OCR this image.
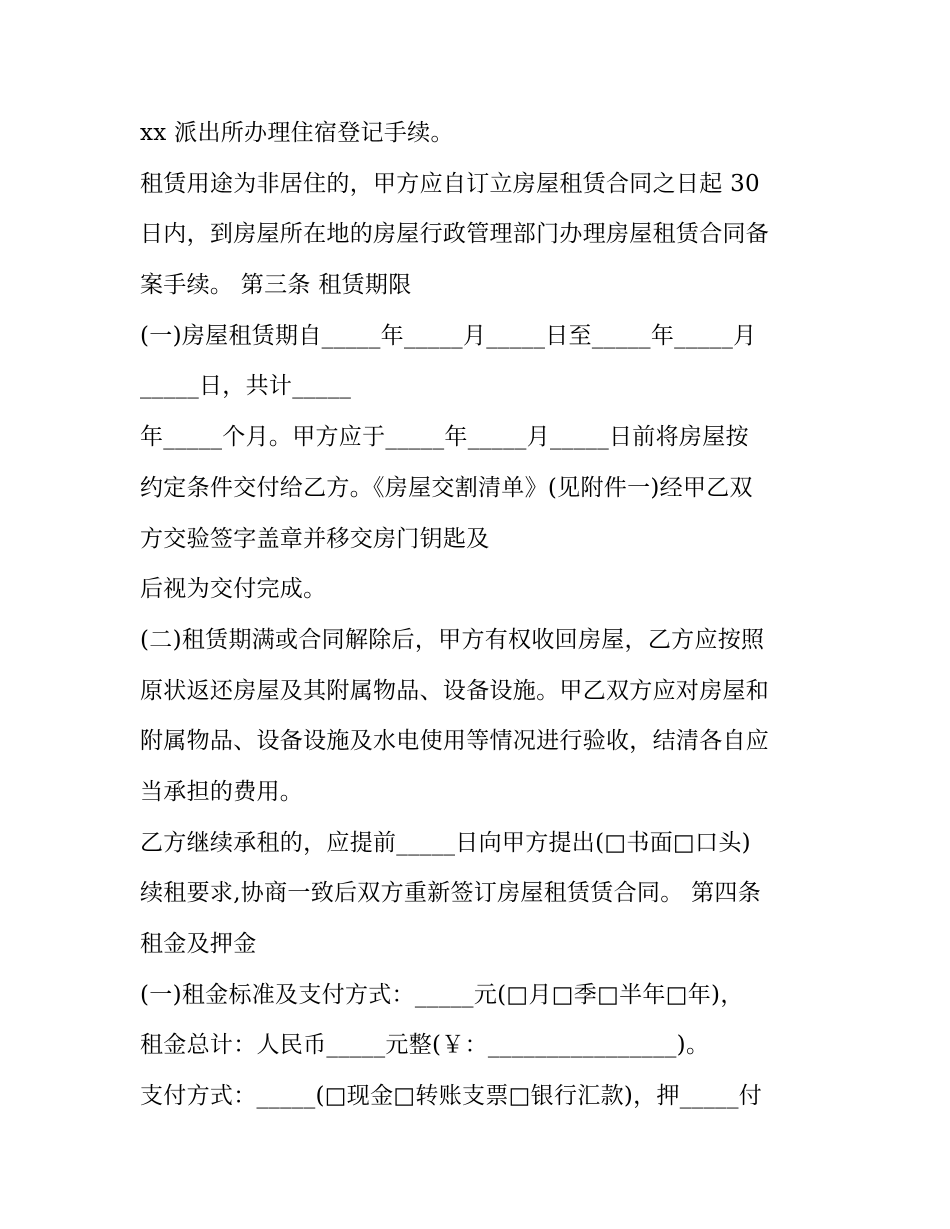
xx 派出所办理住宿登记手续。
租赁用途为非居住的，甲方应自订立房屋租赁合同之日起 30
日内，到房屋所在地的房屋行政管理部门办理房屋租赁合同备
案手续。 第三条 租赁期限
(一)房屋租赁期自_____年_____月_____日至_____年_____月
_____日，共计_____
年_____个月。甲方应于_____年_____月_____日前将房屋按
约定条件交付给乙方。《房屋交割清单》(见附件一)经甲乙双
方交验签字盖章并移交房门钥匙及
后视为交付完成。
(二)租赁期满或合同解除后，甲方有权收回房屋，乙方应按照
原状返还房屋及其附属物品、设备设施。甲乙双方应对房屋和
附属物品、设备设施及水电使用等情况进行验收，结清各自应
当承担的费用。
乙方继续承租的，应提前_____日向甲方提出(□书面□口头)
续租要求,协商一致后双方重新签订房屋租赁赁合同。 第四条
租金及押金
(一)租金标准及支付方式：_____元(□月□季□半年□年)，
租金总计：人民币_____元整(￥：________________)。
支付方式：_____(□现金□转账支票□银行汇款)，押_____付
